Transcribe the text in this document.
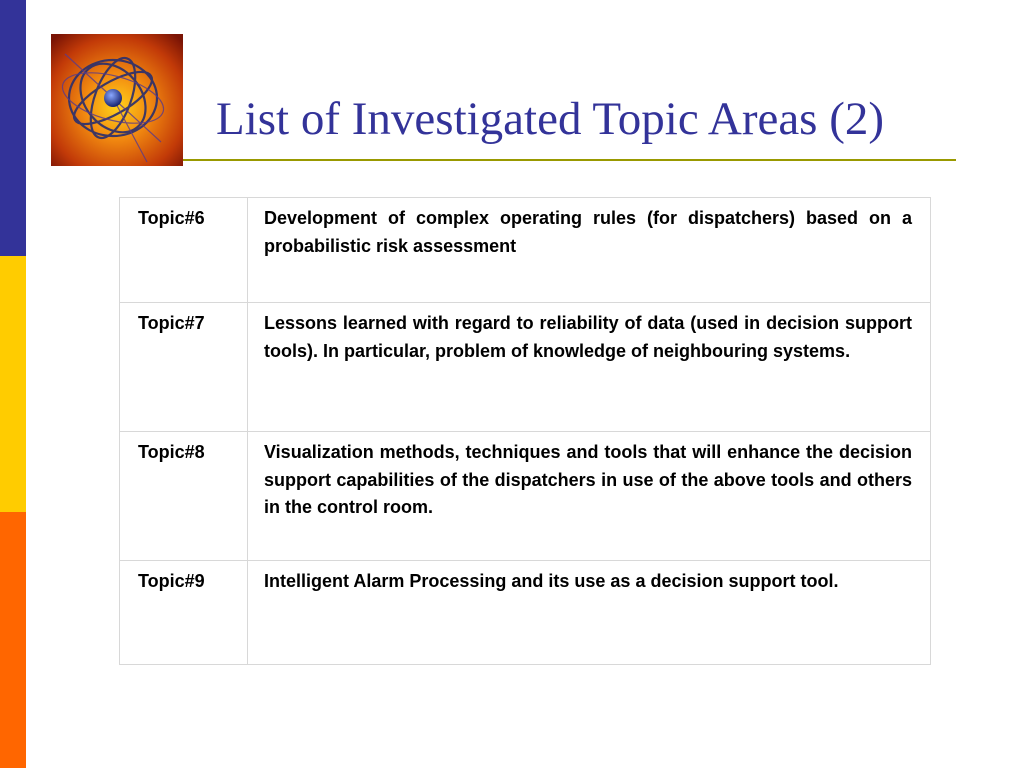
List of Investigated Topic Areas (2)
Topic#6	Development of complex operating rules (for dispatchers) based on a probabilistic risk assessment
Topic#7	Lessons learned with regard to reliability of data (used in decision support tools). In particular, problem of knowledge of neighbouring systems.
Topic#8	Visualization methods, techniques and tools that will enhance the decision support capabilities of the dispatchers in use of the above tools and others in the control room.
Topic#9	Intelligent Alarm Processing and its use as a decision support tool.
